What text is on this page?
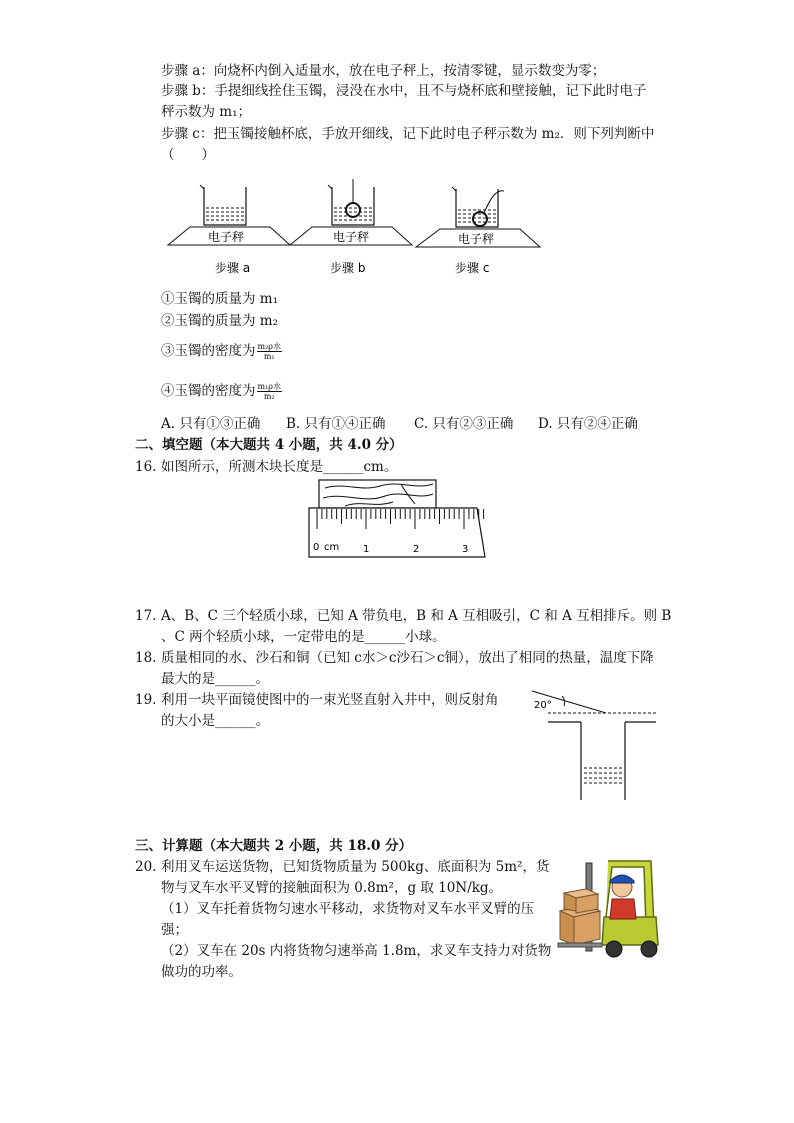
步骤 a：向烧杯内倒入适量水，放在电子秤上，按清零键，显示数变为零；
步骤 b：手提细线拴住玉镯，浸没在水中，且不与烧杯底和壁接触，记下此时电子
秤示数为 m₁；
步骤 c：把玉镯接触杯底，手放开细线，记下此时电子秤示数为 m₂．则下列判断中
（　　）
电子秤	电子秤	电子秤
步骤 a	步骤 b	步骤 c
①玉镯的质量为 m₁
②玉镯的质量为 m₂
③玉镯的密度为 $\frac{\text{m₂ρ水}}{\text{m₁}}$
④玉镯的密度为 $\frac{\text{m₁ρ水}}{\text{m₂}}$
A. 只有①③正确 B. 只有①④正确 C. 只有②③正确 D. 只有②④正确
二、填空题（本大题共 4 小题，共 4.0 分）
16. 如图所示，所测木块长度是______cm。
0 cm 1	2	3
17. A、B、C 三个轻质小球，已知 A 带负电，B 和 A 互相吸引，C 和 A 互相排斥。则 B
、C 两个轻质小球，一定带电的是______小球。
18. 质量相同的水、沙石和铜（已知 c水＞c沙石＞c铜），放出了相同的热量，温度下降
最大的是______。
19. 利用一块平面镜使图中的一束光竖直射入井中，则反射角
的大小是______。
20°
三、计算题（本大题共 2 小题，共 18.0 分）
20. 利用叉车运送货物，已知货物质量为 500kg、底面积为 5m²，货
物与叉车水平叉臂的接触面积为 0.8m²，g 取 10N/kg。
（1）叉车托着货物匀速水平移动，求货物对叉车水平叉臂的压
强；
（2）叉车在 20s 内将货物匀速举高 1.8m，求叉车支持力对货物
做功的功率。
